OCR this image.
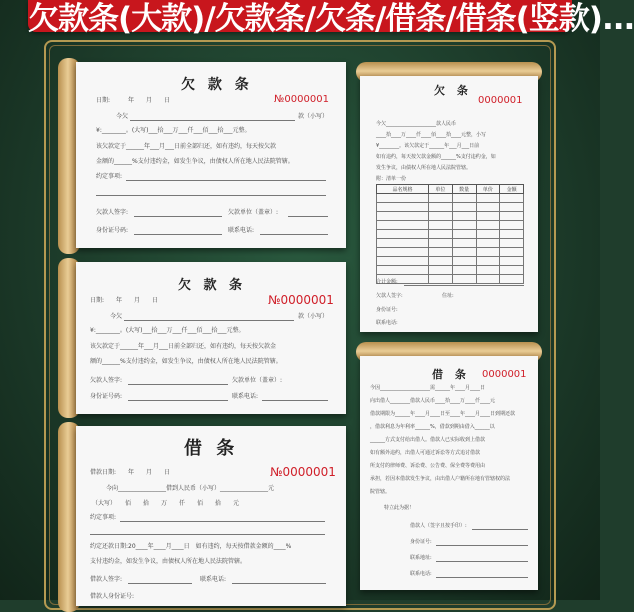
欠款条(大款)/欠款条/欠条/借条/借条(竖款)...
欠 款 条
№0000001
日期:　　　年　　月　　日
今欠	款（小写）
¥:________。(大写)___拾___万___仟___佰___拾___元整。
该欠款定于______年___月___日前全部归还，如有违约，每天按欠款
金额的______%支付违约金，如发生争议，由债权人所在地人民法院管辖。
约定事项:
欠款人签字:	欠款单位（盖章）:
身份证号码:	联系电话:
欠 款 条
№0000001
日期:　　年　　月　　日
今欠	款（小写）
¥:________。(大写)___拾___万___仟___佰___拾___元整。
该欠款定于______年___月___日前全部归还，如有违约，每天按欠款金
额的______%支付违约金，如发生争议，由债权人所在地人民法院管辖。
欠款人签字:	欠款单位（盖章）:
身份证号码:	联系电话:
借 条
№0000001
借款日期:　　年　　月　　日
今向________________借到人民币（小写）________________元
（大写）　　佰　　拾　　万　　仟　　佰　　拾　　元
约定事项:
约定还款日期:20____年____月____日　如有违约，每天按借款金额的____%
支付违约金，如发生争议，由债权人所在地人民法院管辖。
借款人签字:	联系电话:
借款人身份证号:
欠 条
0000001
今欠____________________款人民币
____拾____万____仟____佰____拾____元整，小写
¥________。该欠款定于______年___月___日前
如有违约，每天按欠款金额的______%支付违约金，如
发生争议，由债权人所在地人民法院管辖。
附：清单一份
品名规格	单位	数量	单价	金额

合计金额:
欠款人签字:	住址:
身份证号:
联系电话:
借 条 0000001
今因____________________需______年____月____日
向出借人________借款人民币____拾____万____仟____元
借款期限为______年____月____日至____年____月____日到期还款
，借款利息为年利率______%，借款到期由借入______以
______方式支付给出借人。借款人已实际收到上借款
如有额外违约，出借人可通过诉讼等方式追讨借款
所支付的律师费、诉讼费、公告费、保全费等费用由
承担，若因本借款发生争议，由出借人户籍所在地有管辖权的法
院管辖。
特立此为据！
借款人（签字且按手印）:
身份证号:
联系地址:
联系电话:
